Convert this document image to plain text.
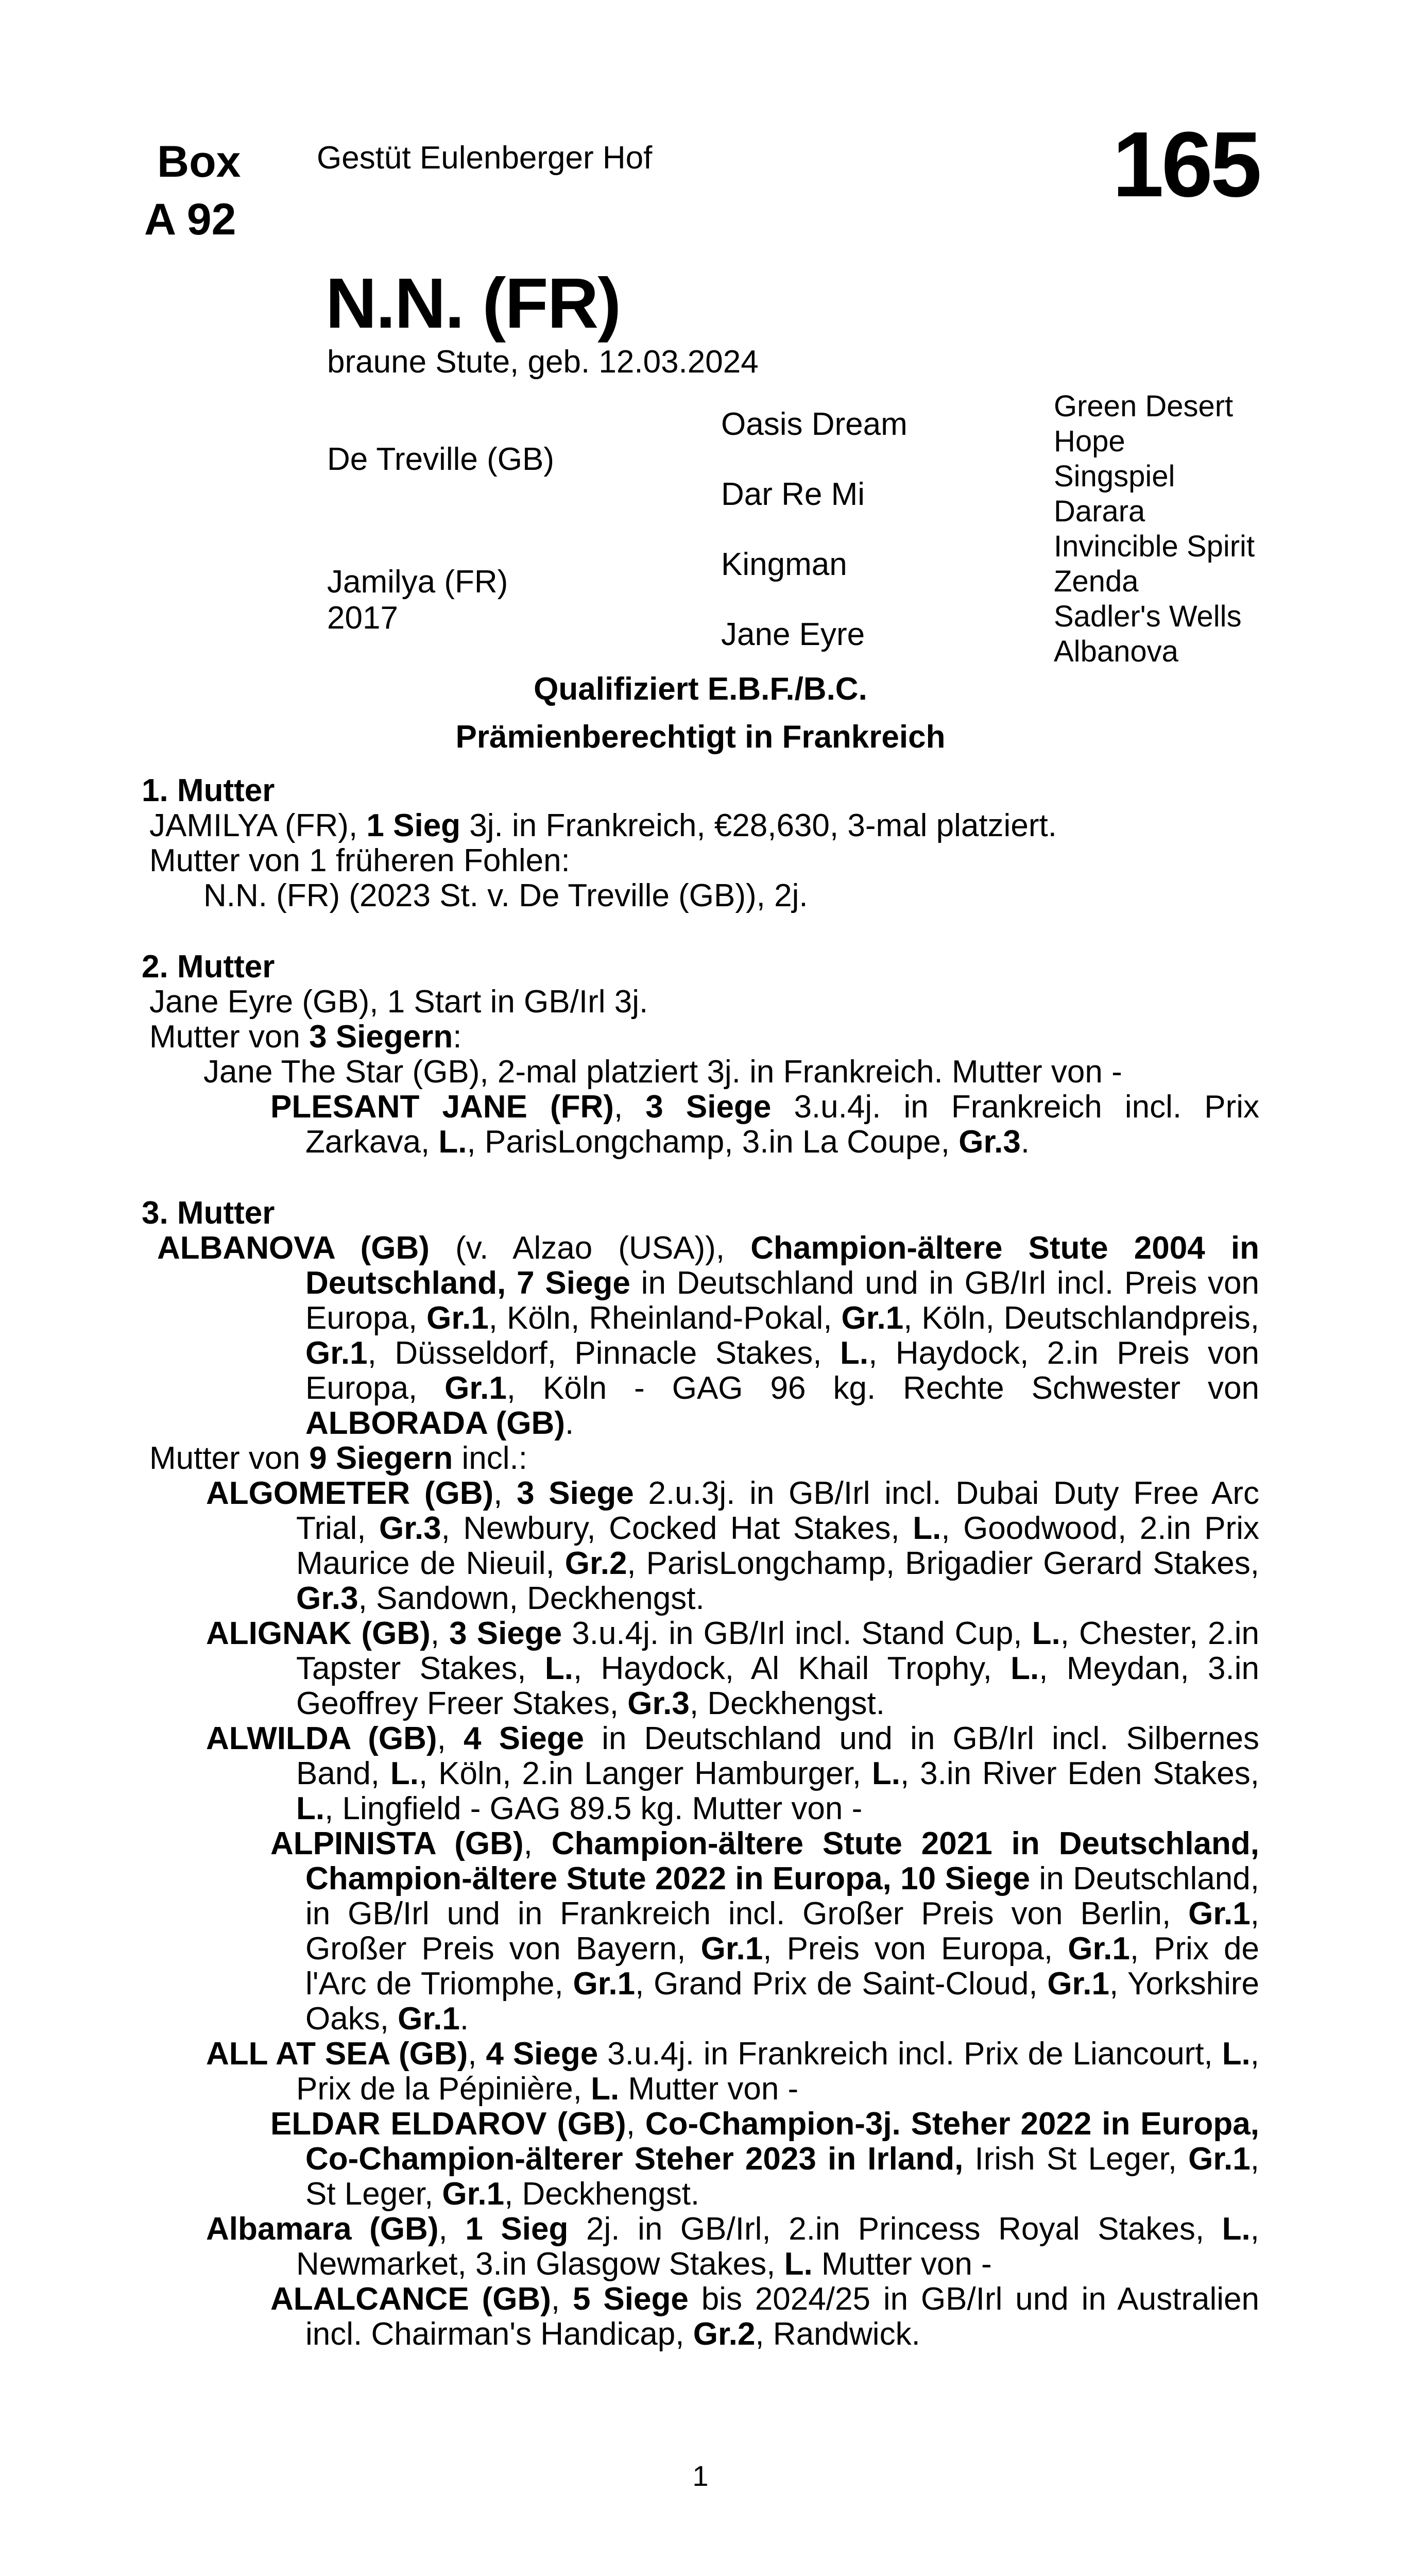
Box
A 92
Gestüt Eulenberger Hof	165
N.N. (FR)
braune Stute, geb. 12.03.2024
De Treville (GB)
Jamilya (FR)
2017
Oasis Dream
Dar Re Mi
Kingman
Jane Eyre
Green Desert
Hope
Singspiel
Darara
Invincible Spirit
Zenda
Sadler's Wells
Albanova
Qualifiziert E.B.F./B.C.
Prämienberechtigt in Frankreich
1. Mutter
JAMILYA (FR), 1 Sieg 3j. in Frankreich, €28,630, 3-mal platziert.
Mutter von 1 früheren Fohlen:
N.N. (FR) (2023 St. v. De Treville (GB)), 2j.
2. Mutter
Jane Eyre (GB), 1 Start in GB/Irl 3j.
Mutter von 3 Siegern:
Jane The Star (GB), 2-mal platziert 3j. in Frankreich. Mutter von -
PLESANT JANE (FR), 3 Siege 3.u.4j. in Frankreich incl. Prix Zarkava, L., ParisLongchamp, 3.in La Coupe, Gr.3.
3. Mutter
ALBANOVA (GB) (v. Alzao (USA)), Champion-ältere Stute 2004 in Deutschland, 7 Siege in Deutschland und in GB/Irl incl. Preis von Europa, Gr.1, Köln, Rheinland-Pokal, Gr.1, Köln, Deutschlandpreis, Gr.1, Düsseldorf, Pinnacle Stakes, L., Haydock, 2.in Preis von Europa, Gr.1, Köln - GAG 96 kg. Rechte Schwester von ALBORADA (GB).
Mutter von 9 Siegern incl.:
ALGOMETER (GB), 3 Siege 2.u.3j. in GB/Irl incl. Dubai Duty Free Arc Trial, Gr.3, Newbury, Cocked Hat Stakes, L., Goodwood, 2.in Prix Maurice de Nieuil, Gr.2, ParisLongchamp, Brigadier Gerard Stakes, Gr.3, Sandown, Deckhengst.
ALIGNAK (GB), 3 Siege 3.u.4j. in GB/Irl incl. Stand Cup, L., Chester, 2.in Tapster Stakes, L., Haydock, Al Khail Trophy, L., Meydan, 3.in Geoffrey Freer Stakes, Gr.3, Deckhengst.
ALWILDA (GB), 4 Siege in Deutschland und in GB/Irl incl. Silbernes Band, L., Köln, 2.in Langer Hamburger, L., 3.in River Eden Stakes, L., Lingfield - GAG 89.5 kg. Mutter von -
ALPINISTA (GB), Champion-ältere Stute 2021 in Deutschland, Champion-ältere Stute 2022 in Europa, 10 Siege in Deutschland, in GB/Irl und in Frankreich incl. Großer Preis von Berlin, Gr.1, Großer Preis von Bayern, Gr.1, Preis von Europa, Gr.1, Prix de l'Arc de Triomphe, Gr.1, Grand Prix de Saint-Cloud, Gr.1, Yorkshire Oaks, Gr.1.
ALL AT SEA (GB), 4 Siege 3.u.4j. in Frankreich incl. Prix de Liancourt, L., Prix de la Pépinière, L. Mutter von -
ELDAR ELDAROV (GB), Co-Champion-3j. Steher 2022 in Europa, Co-Champion-älterer Steher 2023 in Irland, Irish St Leger, Gr.1, St Leger, Gr.1, Deckhengst.
Albamara (GB), 1 Sieg 2j. in GB/Irl, 2.in Princess Royal Stakes, L., Newmarket, 3.in Glasgow Stakes, L. Mutter von -
ALALCANCE (GB), 5 Siege bis 2024/25 in GB/Irl und in Australien incl. Chairman's Handicap, Gr.2, Randwick.
1
